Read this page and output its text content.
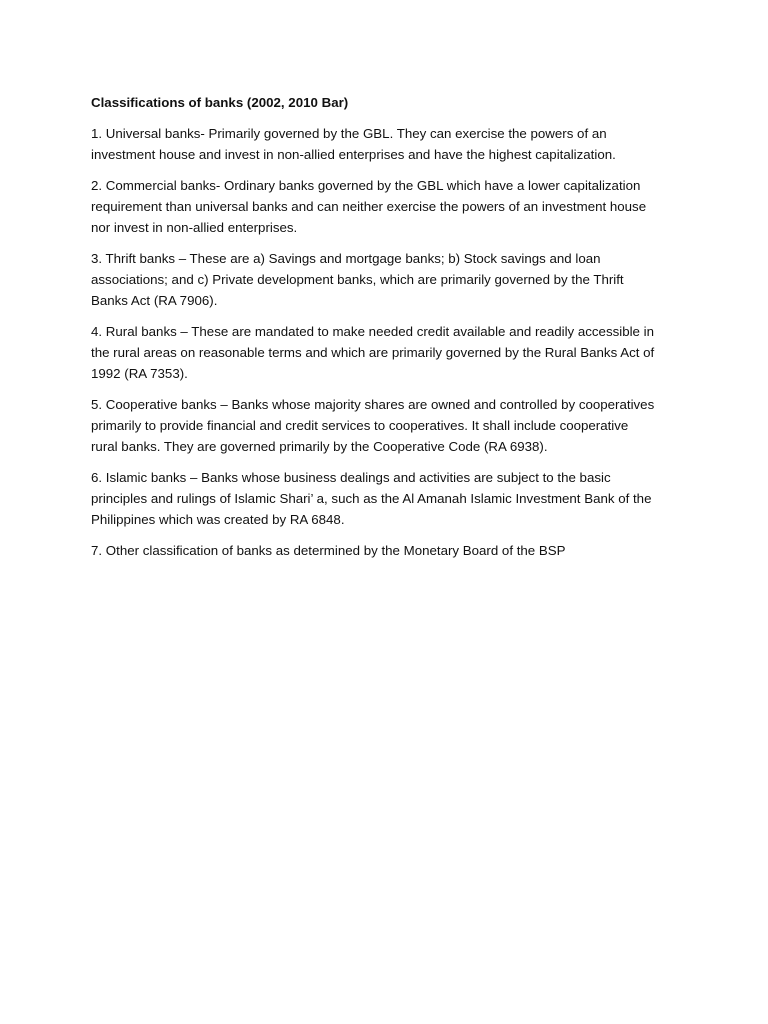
Classifications of banks (2002, 2010 Bar)
1. Universal banks- Primarily governed by the GBL. They can exercise the powers of an
investment house and invest in non-allied enterprises and have the highest capitalization.
2. Commercial banks- Ordinary banks governed by the GBL which have a lower capitalization
requirement than universal banks and can neither exercise the powers of an investment house
nor invest in non-allied enterprises.
3. Thrift banks – These are a) Savings and mortgage banks; b) Stock savings and loan
associations; and c) Private development banks, which are primarily governed by the Thrift
Banks Act (RA 7906).
4. Rural banks – These are mandated to make needed credit available and readily accessible in
the rural areas on reasonable terms and which are primarily governed by the Rural Banks Act of
1992 (RA 7353).
5. Cooperative banks – Banks whose majority shares are owned and controlled by cooperatives
primarily to provide financial and credit services to cooperatives. It shall include cooperative
rural banks. They are governed primarily by the Cooperative Code (RA 6938).
6. Islamic banks – Banks whose business dealings and activities are subject to the basic
principles and rulings of Islamic Shari’ a, such as the Al Amanah Islamic Investment Bank of the
Philippines which was created by RA 6848.
7. Other classification of banks as determined by the Monetary Board of the BSP
